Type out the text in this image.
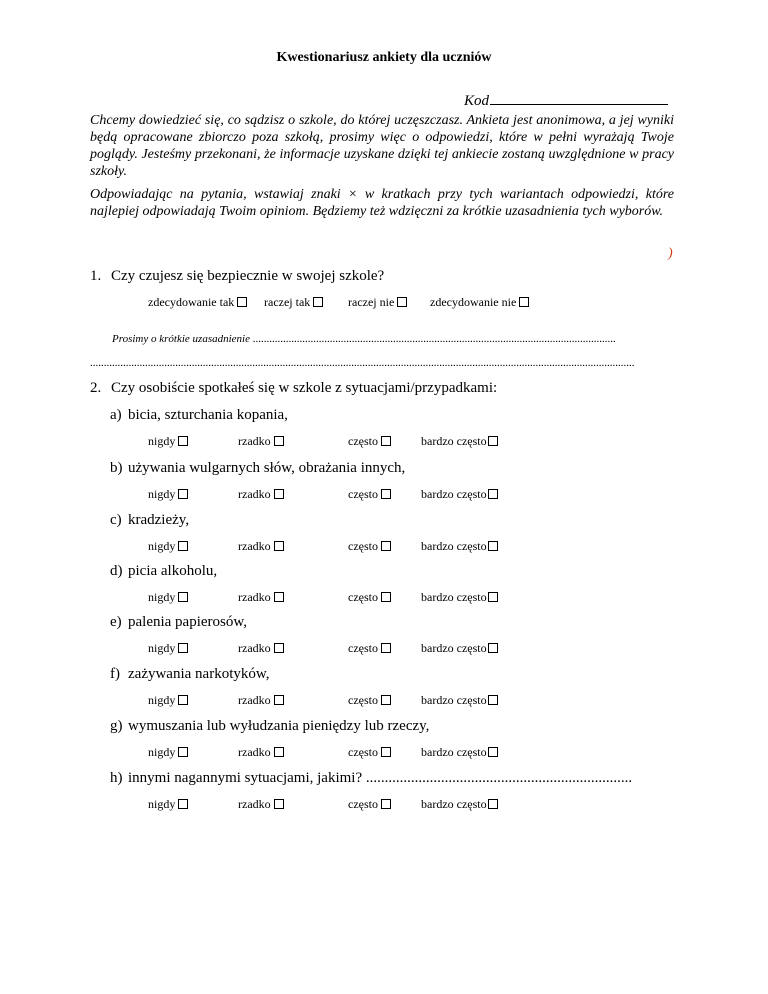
Kwestionariusz ankiety dla uczniów
Kod
Chcemy dowiedzieć się, co sądzisz o szkole, do której uczęszczasz. Ankieta jest anonimowa, a jej wyniki będą opracowane zbiorczo poza szkołą, prosimy więc o odpowiedzi, które w pełni wyrażają Twoje poglądy. Jesteśmy przekonani, że informacje uzyskane dzięki tej ankiecie zostaną uwzględnione w pracy szkoły.
Odpowiadając na pytania, wstawiaj znaki × w kratkach przy tych wariantach odpowiedzi, które najlepiej odpowiadają Twoim opiniom. Będziemy też wdzięczni za krótkie uzasadnienia tych wyborów.
)
1. Czy czujesz się bezpiecznie w swojej szkole?
zdecydowanie tak	raczej tak	raczej nie	zdecydowanie nie
Prosimy o krótkie uzasadnienie ....................................................................................................................................
......................................................................................................................................................................................................
2. Czy osobiście spotkałeś się w szkole z sytuacjami/przypadkami:
a) bicia, szturchania kopania,
nigdy	rzadko	często	bardzo często
b) używania wulgarnych słów, obrażania innych,
nigdy	rzadko	często	bardzo często
c) kradzieży,
nigdy	rzadko	często	bardzo często
d) picia alkoholu,
nigdy	rzadko	często	bardzo często
e) palenia papierosów,
nigdy	rzadko	często	bardzo często
f) zażywania narkotyków,
nigdy	rzadko	często	bardzo często
g) wymuszania lub wyłudzania pieniędzy lub rzeczy,
nigdy	rzadko	często	bardzo często
h) innymi nagannymi sytuacjami, jakimi? .......................................................................
nigdy	rzadko	często	bardzo często
